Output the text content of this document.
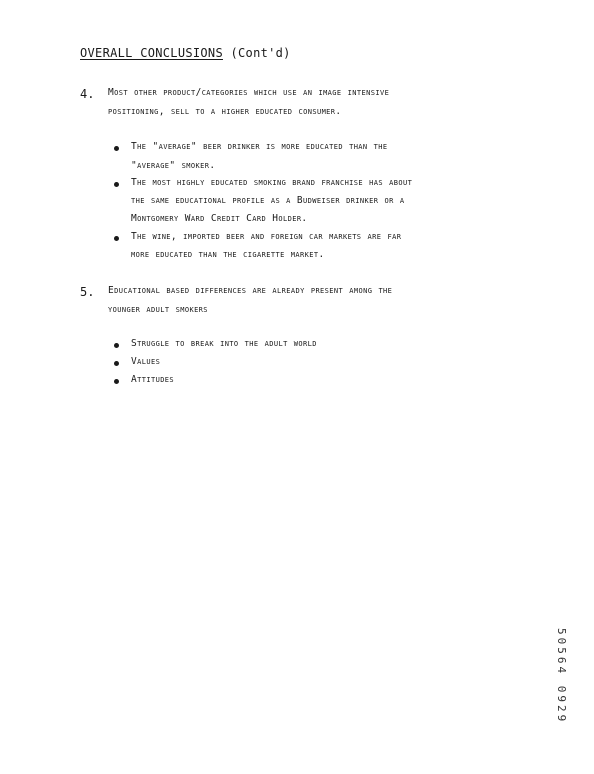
OVERALL CONCLUSIONS (Cont'd)
4. Most other product/categories which use an image intensive
positioning, sell to a higher educated consumer.
The "average" beer drinker is more educated than the
"average" smoker.
The most highly educated smoking brand franchise has about
the same educational profile as a Budweiser drinker or a
Montgomery Ward Credit Card Holder.
The wine, imported beer and foreign car markets are far
more educated than the cigarette market.
5. Educational based differences are already present among the
younger adult smokers
Struggle to break into the adult world
Values
Attitudes
50564 0929
